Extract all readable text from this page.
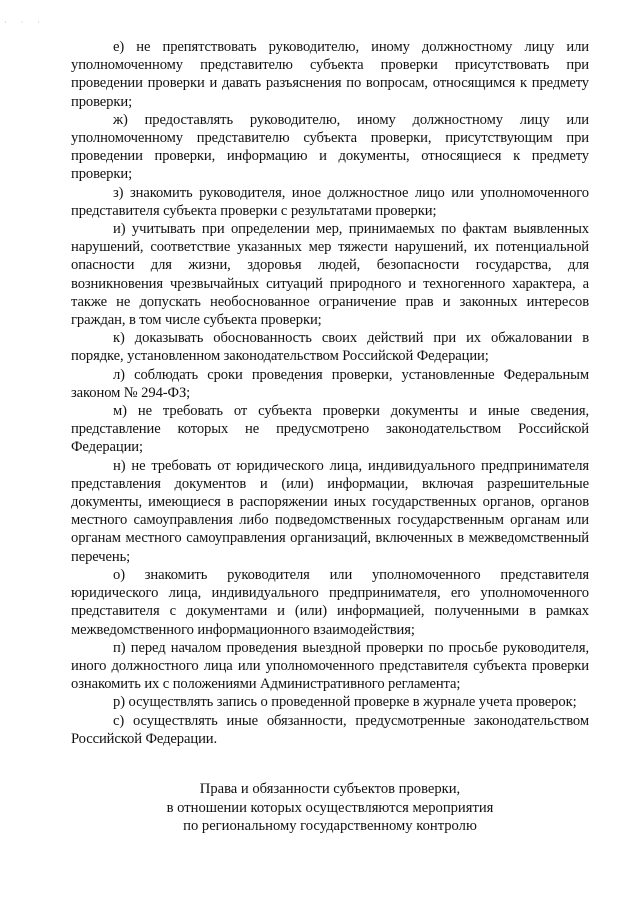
· · ·

е) не препятствовать руководителю, иному должностному лицу или уполномоченному представителю субъекта проверки присутствовать при проведении проверки и давать разъяснения по вопросам, относящимся к предмету проверки;

ж) предоставлять руководителю, иному должностному лицу или уполномоченному представителю субъекта проверки, присутствующим при проведении проверки, информацию и документы, относящиеся к предмету проверки;

з) знакомить руководителя, иное должностное лицо или уполномоченного представителя субъекта проверки с результатами проверки;

и) учитывать при определении мер, принимаемых по фактам выявленных нарушений, соответствие указанных мер тяжести нарушений, их потенциальной опасности для жизни, здоровья людей, безопасности государства, для возникновения чрезвычайных ситуаций природного и техногенного характера, а также не допускать необоснованное ограничение прав и законных интересов граждан, в том числе субъекта проверки;

к) доказывать обоснованность своих действий при их обжаловании в порядке, установленном законодательством Российской Федерации;

л) соблюдать сроки проведения проверки, установленные Федеральным законом № 294-ФЗ;

м) не требовать от субъекта проверки документы и иные сведения, представление которых не предусмотрено законодательством Российской Федерации;

н) не требовать от юридического лица, индивидуального предпринимателя представления документов и (или) информации, включая разрешительные документы, имеющиеся в распоряжении иных государственных органов, органов местного самоуправления либо подведомственных государственным органам или органам местного самоуправления организаций, включенных в межведомственный перечень;

о) знакомить руководителя или уполномоченного представителя юридического лица, индивидуального предпринимателя, его уполномоченного представителя с документами и (или) информацией, полученными в рамках межведомственного информационного взаимодействия;

п) перед началом проведения выездной проверки по просьбе руководителя, иного должностного лица или уполномоченного представителя субъекта проверки ознакомить их с положениями Административного регламента;

р) осуществлять запись о проведенной проверке в журнале учета проверок;

с) осуществлять иные обязанности, предусмотренные законодательством Российской Федерации.

Права и обязанности субъектов проверки,
в отношении которых осуществляются мероприятия
по региональному государственному контролю
